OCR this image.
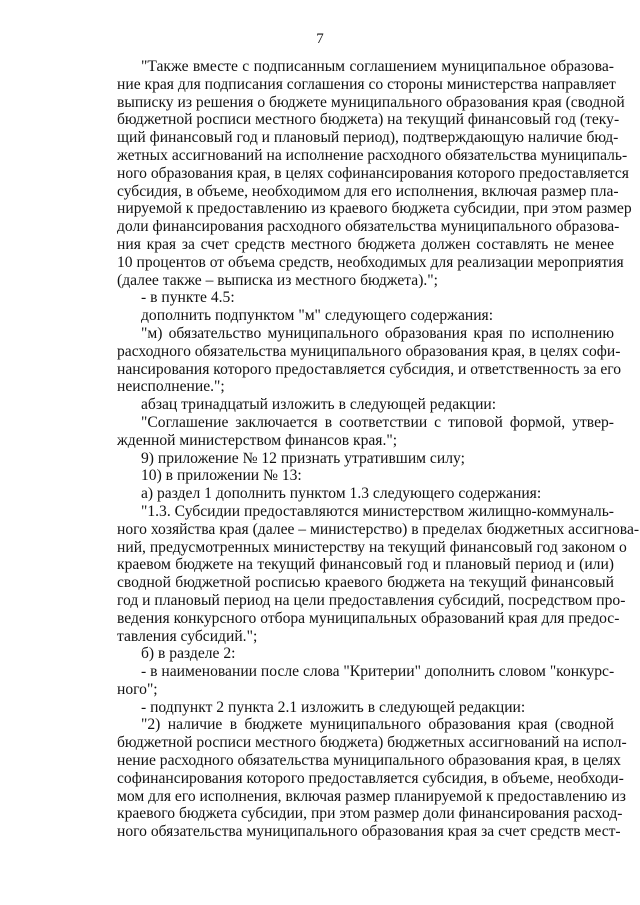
7
"Также вместе с подписанным соглашением муниципальное образова-
ние края для подписания соглашения со стороны министерства направляет
выписку из решения о бюджете муниципального образования края (сводной
бюджетной росписи местного бюджета) на текущий финансовый год (теку-
щий финансовый год и плановый период), подтверждающую наличие бюд-
жетных ассигнований на исполнение расходного обязательства муниципаль-
ного образования края, в целях софинансирования которого предоставляется
субсидия, в объеме, необходимом для его исполнения, включая размер пла-
нируемой к предоставлению из краевого бюджета субсидии, при этом размер
доли финансирования расходного обязательства муниципального образова-
ния края за счет средств местного бюджета должен составлять не менее
10 процентов от объема средств, необходимых для реализации мероприятия
(далее также – выписка из местного бюджета).";
- в пункте 4.5:
дополнить подпунктом "м" следующего содержания:
"м) обязательство муниципального образования края по исполнению
расходного обязательства муниципального образования края, в целях софи-
нансирования которого предоставляется субсидия, и ответственность за его
неисполнение.";
абзац тринадцатый изложить в следующей редакции:
"Соглашение заключается в соответствии с типовой формой, утвер-
жденной министерством финансов края.";
9) приложение № 12 признать утратившим силу;
10) в приложении № 13:
а) раздел 1 дополнить пунктом 1.3 следующего содержания:
"1.3. Субсидии предоставляются министерством жилищно-коммуналь-
ного хозяйства края (далее – министерство) в пределах бюджетных ассигнова-
ний, предусмотренных министерству на текущий финансовый год законом о
краевом бюджете на текущий финансовый год и плановый период и (или)
сводной бюджетной росписью краевого бюджета на текущий финансовый
год и плановый период на цели предоставления субсидий, посредством про-
ведения конкурсного отбора муниципальных образований края для предос-
тавления субсидий.";
б) в разделе 2:
- в наименовании после слова "Критерии" дополнить словом "конкурс-
ного";
- подпункт 2 пункта 2.1 изложить в следующей редакции:
"2) наличие в бюджете муниципального образования края (сводной
бюджетной росписи местного бюджета) бюджетных ассигнований на испол-
нение расходного обязательства муниципального образования края, в целях
софинансирования которого предоставляется субсидия, в объеме, необходи-
мом для его исполнения, включая размер планируемой к предоставлению из
краевого бюджета субсидии, при этом размер доли финансирования расход-
ного обязательства муниципального образования края за счет средств мест-
